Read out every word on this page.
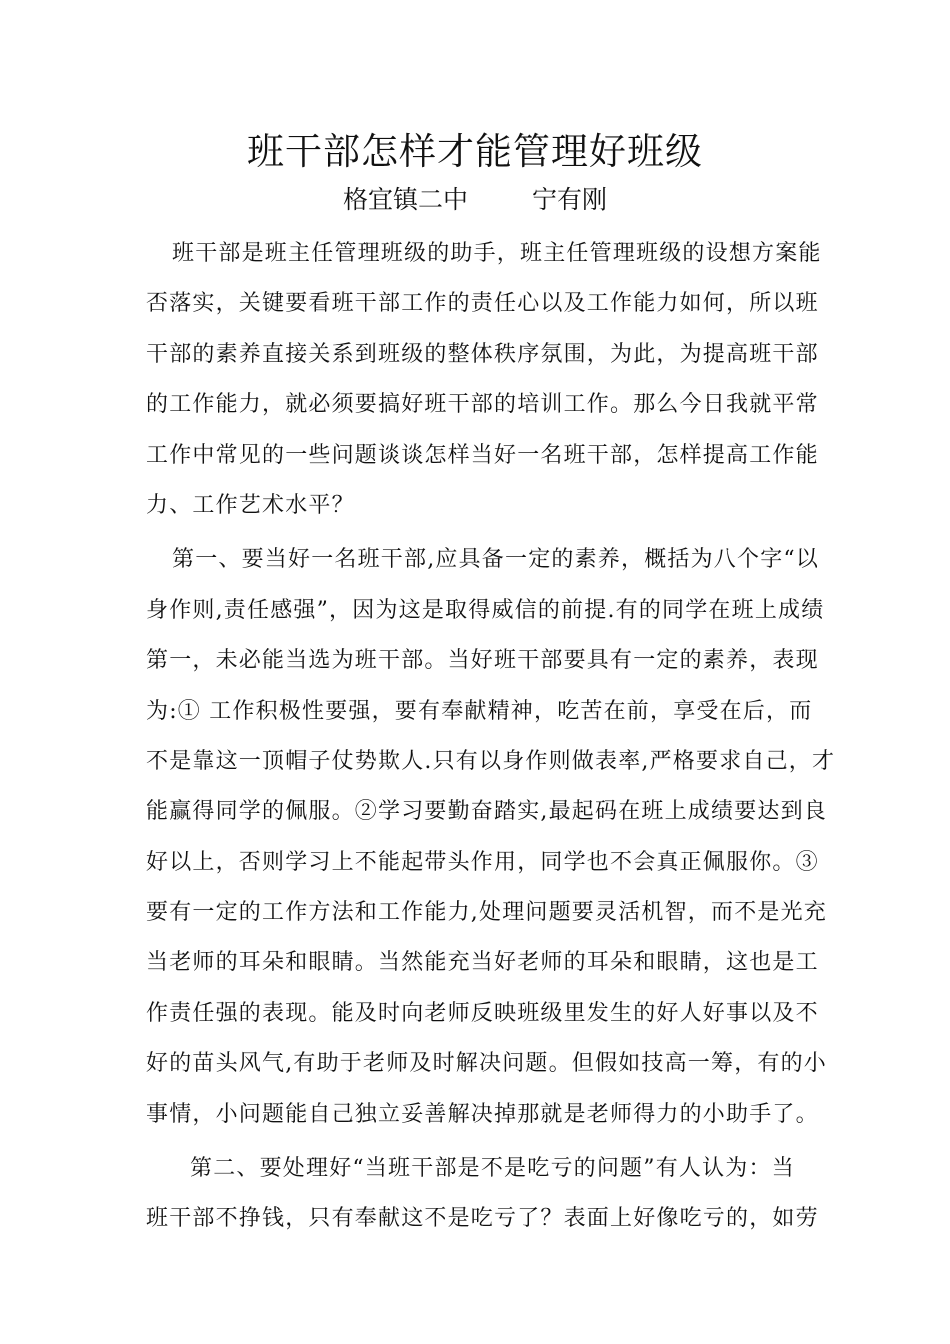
班干部怎样才能管理好班级
格宜镇二中	宁有刚
班干部是班主任管理班级的助手，班主任管理班级的设想方案能
否落实，关键要看班干部工作的责任心以及工作能力如何，所以班
干部的素养直接关系到班级的整体秩序氛围，为此，为提高班干部
的工作能力，就必须要搞好班干部的培训工作。那么今日我就平常
工作中常见的一些问题谈谈怎样当好一名班干部，怎样提高工作能
力、工作艺术水平？
第一、要当好一名班干部,应具备一定的素养，概括为八个字“以
身作则,责任感强”，因为这是取得威信的前提.有的同学在班上成绩
第一，未必能当选为班干部。当好班干部要具有一定的素养，表现
为:① 工作积极性要强，要有奉献精神，吃苦在前，享受在后，而
不是靠这一顶帽子仗势欺人.只有以身作则做表率,严格要求自己，才
能赢得同学的佩服。②学习要勤奋踏实,最起码在班上成绩要达到良
好以上，否则学习上不能起带头作用，同学也不会真正佩服你。③
要有一定的工作方法和工作能力,处理问题要灵活机智，而不是光充
当老师的耳朵和眼睛。当然能充当好老师的耳朵和眼睛，这也是工
作责任强的表现。能及时向老师反映班级里发生的好人好事以及不
好的苗头风气,有助于老师及时解决问题。但假如技高一筹，有的小
事情，小问题能自己独立妥善解决掉那就是老师得力的小助手了。
第二、要处理好“当班干部是不是吃亏的问题”有人认为：当
班干部不挣钱，只有奉献这不是吃亏了？表面上好像吃亏的，如劳
